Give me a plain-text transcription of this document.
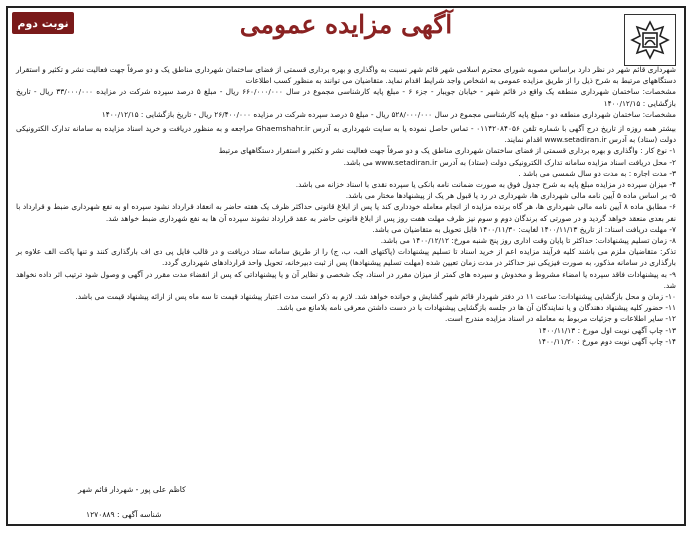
نوبت دوم	آگهی مزایده عمومی

شهرداری قائم شهر در نظر دارد براساس مصوبه شورای محترم اسلامی شهر قائم شهر نسبت به واگذاری و بهره برداری قسمتی از فضای ساختمان شهرداری مناطق یک و دو صرفاً جهت فعالیت نشر و تکثیر و استقرار دستگاههای مرتبط به شرح ذیل را از طریق مزایده عمومی به اشخاص واجد شرایط اقدام نماید. متقاضیان می توانند به منظور کسب اطلاعات

مشخصات: ساختمان شهرداری منطقه یک واقع در قائم شهر - خیابان جویبار - جزء ۶ - مبلغ پایه کارشناسی مجموع در سال ۶۶۰/۰۰۰/۰۰۰ ریال - مبلغ ۵ درصد سپرده شرکت در مزایده ۳۳/۰۰۰/۰۰۰ ریال - تاریخ بازگشایی : ۱۴۰۰/۱۲/۱۵

مشخصات: ساختمان شهرداری منطقه دو - مبلغ پایه کارشناسی مجموع در سال ۵۲۸/۰۰۰/۰۰۰ ریال - مبلغ ۵ درصد سپرده شرکت در مزایده ۲۶/۴۰۰/۰۰۰ ریال - تاریخ بازگشایی : ۱۴۰۰/۱۲/۱۵

بیشتر همه روزه از تاریخ درج آگهی با شماره تلفن ۰۱۱۴۲۰۸۴۰۵۶ - تماس حاصل نموده یا به سایت شهرداری به آدرس Ghaemshahr.ir مراجعه و به منظور دریافت و خرید اسناد مزایده به سامانه تدارک الکترونیکی دولت (ستاد) به آدرس www.setadiran.ir اقدام نمایند.

۱- نوع کار : واگذاری و بهره برداری قسمتی از فضای ساختمان شهرداری مناطق یک و دو صرفاً جهت فعالیت نشر و تکثیر و استقرار دستگاههای مرتبط

۲- محل دریافت اسناد مزایده سامانه تدارک الکترونیکی دولت (ستاد) به آدرس www.setadiran.ir می باشد.

۳- مدت اجاره : به مدت دو سال شمسی می باشد .

۴- میزان سپرده در مزایده مبلغ پایه به شرح جدول فوق به صورت ضمانت نامه بانکی یا سپرده نقدی با اسناد خزانه می باشد.

۵- بر اساس ماده ۵ آیین نامه مالی شهرداری ها، شهرداری در رد یا قبول هر یک از پیشنهادها مختار می باشد.

۶- مطابق ماده ۸ آیین نامه مالی شهرداری ها، هر گاه برنده مزایده از انجام معامله خودداری کند یا پس از ابلاغ قانونی حداکثر ظرف یک هفته حاضر به انعقاد قرارداد نشود سپرده او به نفع شهرداری ضبط و قرارداد با نفر بعدی منعقد خواهد گردید و در صورتی که برندگان دوم و سوم نیز ظرف مهلت هفت روز پس از ابلاغ قانونی حاضر به عقد قرارداد نشوند سپرده آن ها به نفع شهرداری ضبط خواهد شد.

۷- مهلت دریافت اسناد: از تاریخ ۱۴۰۰/۱۱/۱۳ لغایت: ۱۴۰۰/۱۱/۳۰ قابل تحویل به متقاضیان می باشد.

۸- زمان تسلیم پیشنهادات: حداکثر تا پایان وقت اداری روز پنج شنبه مورخ: ۱۴۰۰/۱۲/۱۲ می باشد.

تذکر: متقاضیان ملزم می باشند کلیه فرآیند مزایده اعم از خرید اسناد تا تسلیم پیشنهادات (پاکتهای الف، ب، ج) را از طریق سامانه ستاد دریافت و در قالب فایل پی دی اف بارگذاری کنند و تنها پاکت الف علاوه بر بارگذاری در سامانه مذکور، به صورت فیزیکی نیز حداکثر در مدت زمان تعیین شده (مهلت تسلیم پیشنهادها) پس از ثبت دبیرخانه، تحویل واحد قراردادهای شهرداری گردد.

۹- به پیشنهادات فاقد سپرده یا امضاء مشروط و مخدوش و سپرده های کمتر از میزان مقرر در اسناد، چک شخصی و نظایر آن و یا پیشنهاداتی که پس از انقضاء مدت مقرر در آگهی و وصول شود ترتیب اثر داده نخواهد شد.

۱۰- زمان و محل بازگشایی پیشنهادات: ساعت ۱۱ در دفتر شهردار قائم شهر گشایش و خوانده خواهد شد. لازم به ذکر است مدت اعتبار پیشنهاد قیمت تا سه ماه پس از ارائه پیشنهاد قیمت می باشد.

۱۱- حضور کلیه پیشنهاد دهندگان و یا نمایندگان آن ها در جلسه بازگشایی پیشنهادات با در دست داشتن معرفی نامه بلامانع می باشد.

۱۲- سایر اطلاعات و جزئیات مربوط به معامله در اسناد مزایده مندرج است.

۱۳- چاپ آگهی نوبت اول مورخ : ۱۴۰۰/۱۱/۱۳

۱۴- چاپ آگهی نوبت دوم مورخ : ۱۴۰۰/۱۱/۲۰

کاظم علی پور - شهردار قائم شهر
شناسه آگهی : ۱۲۷۰۸۸۹
